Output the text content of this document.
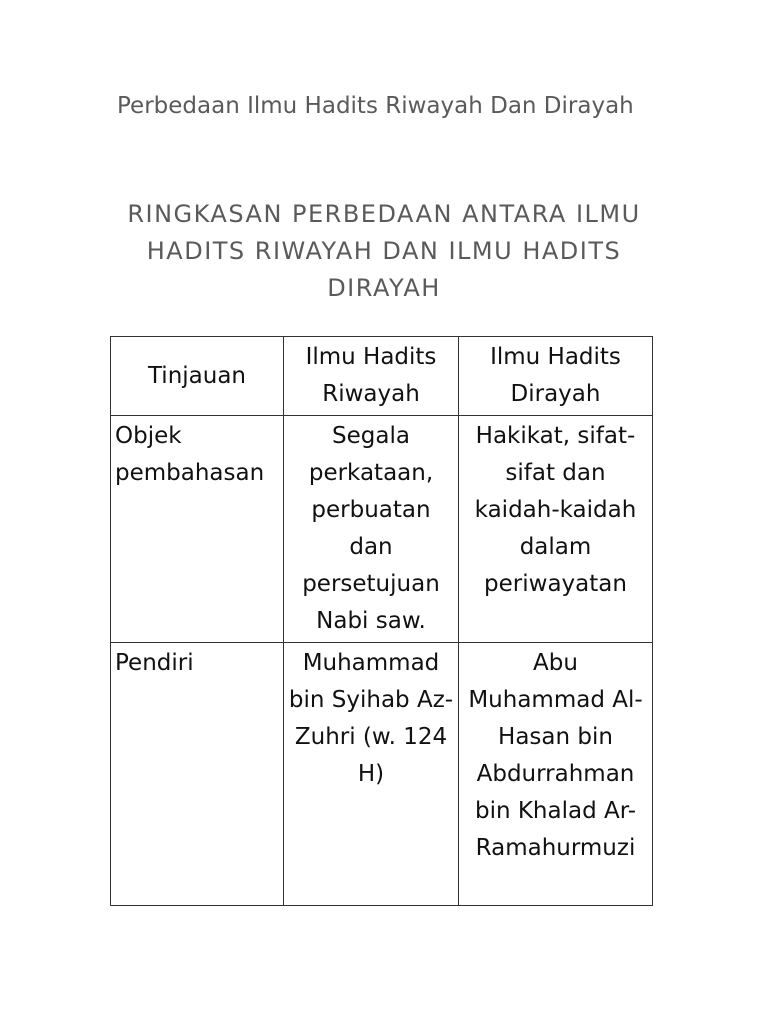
Perbedaan Ilmu Hadits Riwayah Dan Dirayah
RINGKASAN PERBEDAAN ANTARA ILMU HADITS RIWAYAH DAN ILMU HADITS DIRAYAH
Tinjauan	Ilmu Hadits Riwayah	Ilmu Hadits Dirayah
Objek pembahasan	Segala perkataan, perbuatan dan persetujuan Nabi saw.	Hakikat, sifat-sifat dan kaidah-kaidah dalam periwayatan
Pendiri	Muhammad bin Syihab Az-Zuhri (w. 124 H)	Abu Muhammad Al-Hasan bin Abdurrahman bin Khalad Ar-Ramahurmuzi
